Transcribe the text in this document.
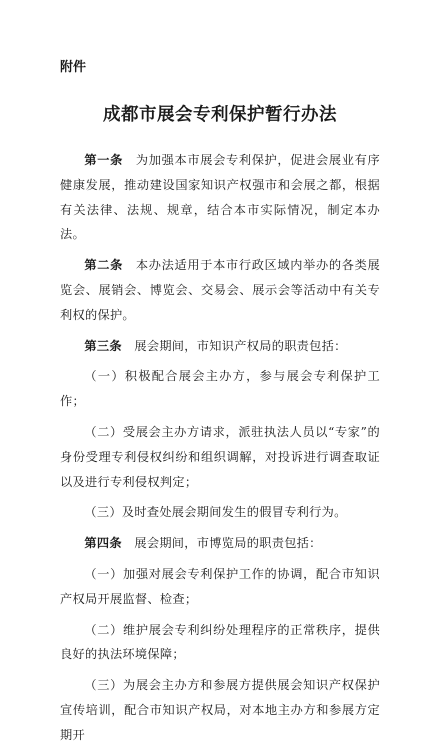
附件

成都市展会专利保护暂行办法

第一条　为加强本市展会专利保护，促进会展业有序健康发展，推动建设国家知识产权强市和会展之都，根据有关法律、法规、规章，结合本市实际情况，制定本办法。

第二条　本办法适用于本市行政区域内举办的各类展览会、展销会、博览会、交易会、展示会等活动中有关专利权的保护。

第三条　展会期间，市知识产权局的职责包括：

（一）积极配合展会主办方，参与展会专利保护工作；

（二）受展会主办方请求，派驻执法人员以“专家”的身份受理专利侵权纠纷和组织调解，对投诉进行调查取证以及进行专利侵权判定；

（三）及时查处展会期间发生的假冒专利行为。

第四条　展会期间，市博览局的职责包括：

（一）加强对展会专利保护工作的协调，配合市知识产权局开展监督、检查；

（二）维护展会专利纠纷处理程序的正常秩序，提供良好的执法环境保障；

（三）为展会主办方和参展方提供展会知识产权保护宣传培训，配合市知识产权局，对本地主办方和参展方定期开
